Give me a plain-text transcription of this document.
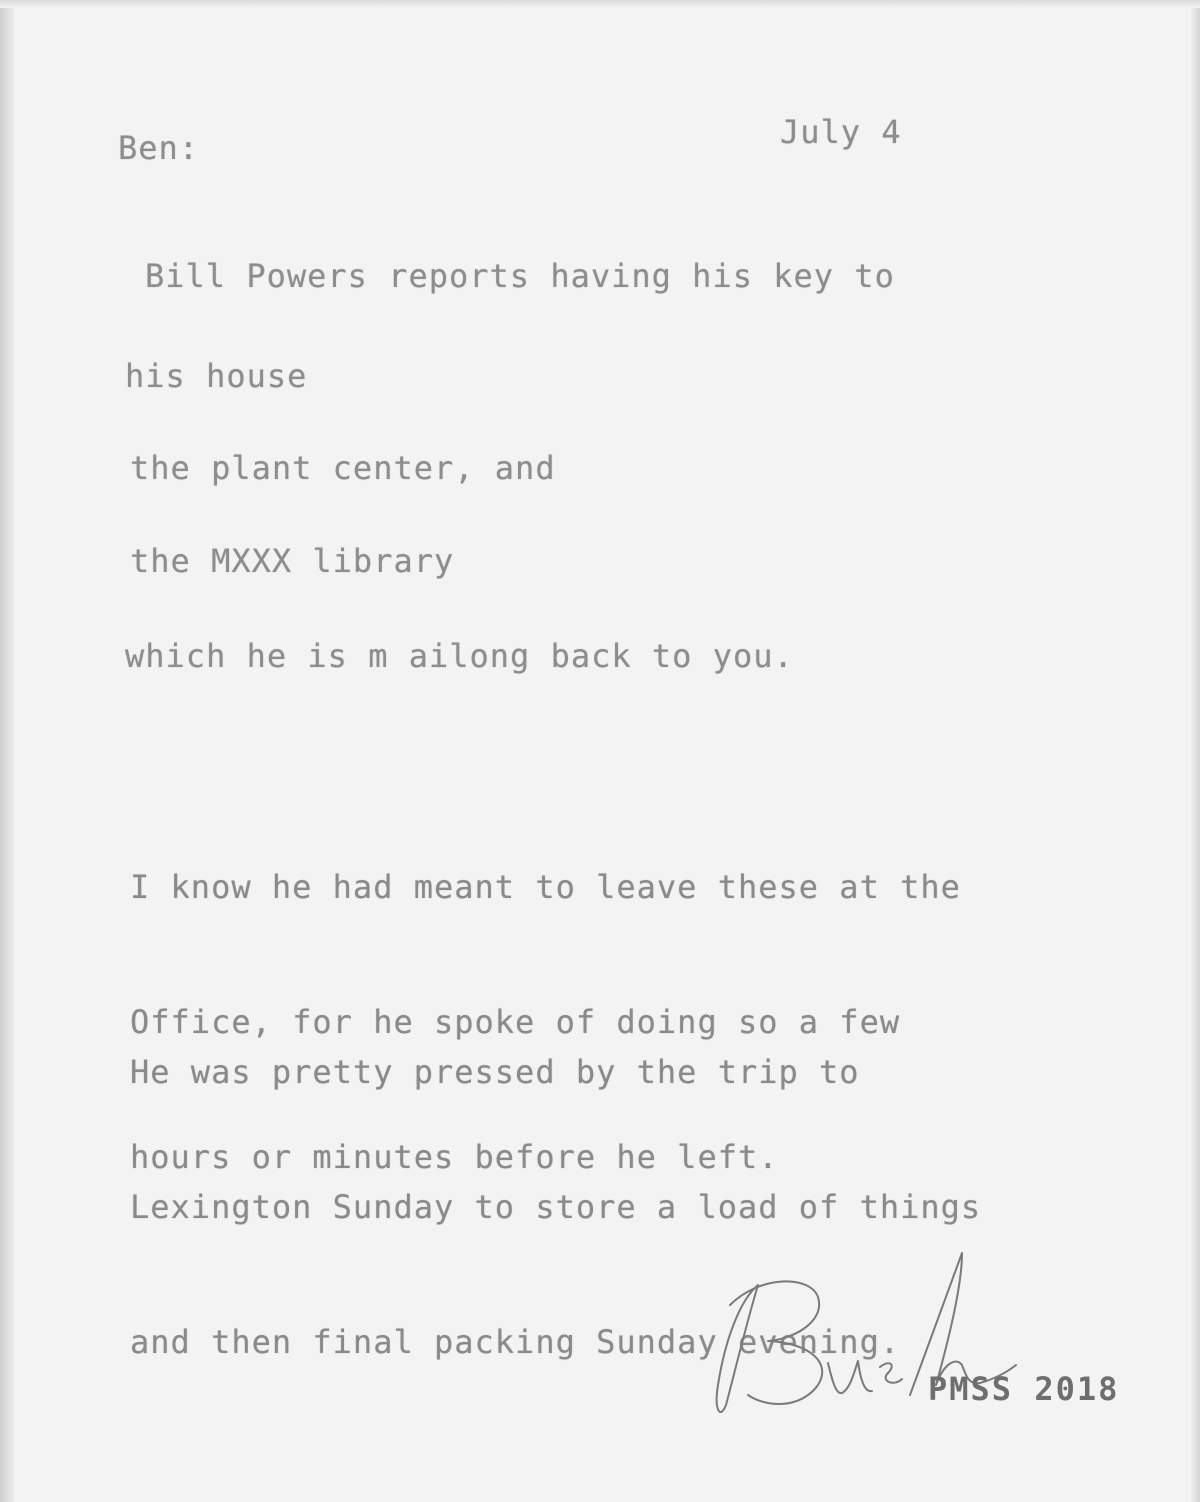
Ben:	July 4
Bill Powers reports having his key to
his house
the plant center, and
the MXXX library
which he is m ailong back to you.

I know he had meant to leave these at the

Office, for he spoke of doing so a few

hours or minutes before he left.

He was pretty pressed by the trip to

Lexington Sunday to store a load of things

and then final packing Sunday evening.

PMSS 2018
